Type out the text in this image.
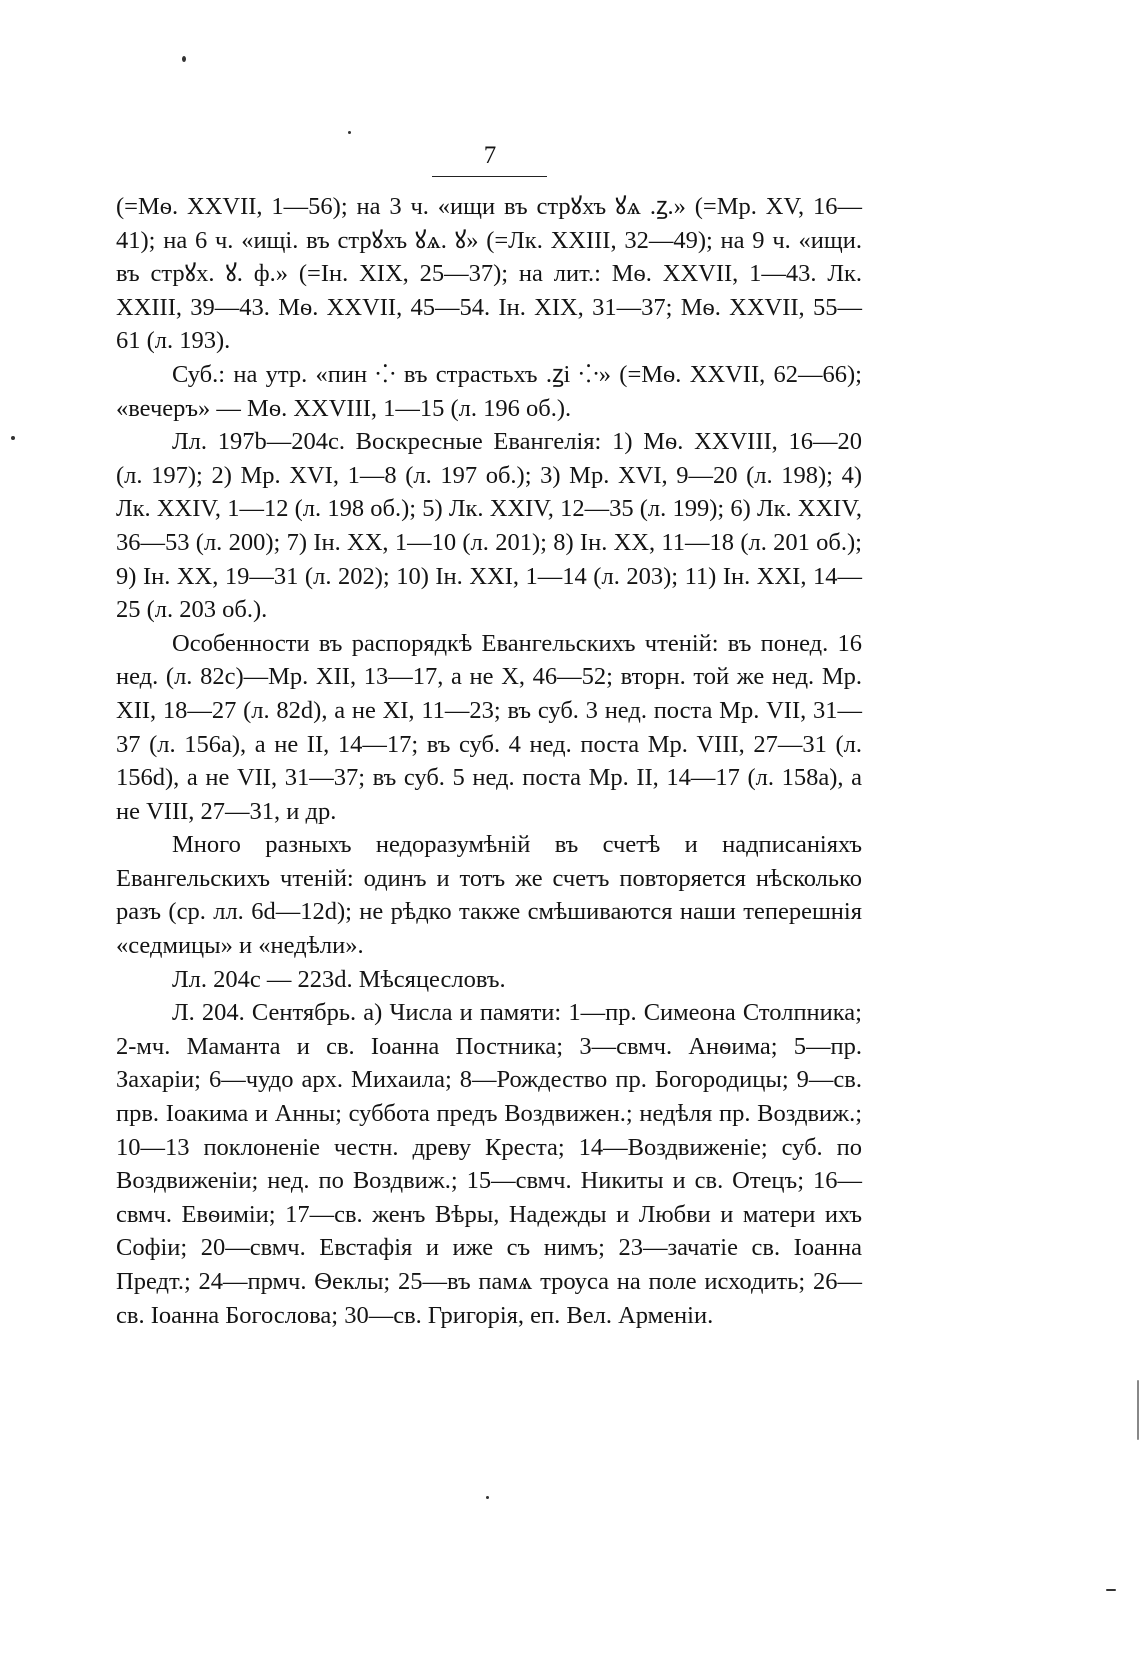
7

(=Мѳ. XXVII, 1—56); на 3 ч. «ищи въ стрꙋхъ ꙋѧ .ꙁ.» (=Мр. XV, 16—41); на 6 ч. «ищі. въ стрꙋхъ ꙋѧ. ꙋ» (=Лк. XXIII, 32—49); на 9 ч. «ищи. въ стрꙋх. ꙋ. ф.» (=Ін. XIX, 25—37); на лит.: Мѳ. XXVII, 1—43. Лк. XXIII, 39—43. Мѳ. XXVII, 45—54. Ін. XIX, 31—37; Мѳ. XXVII, 55—61 (л. 193).

Суб.: на утр. «пин ⁘ въ страстьхъ .ꙁі ⁘» (=Мѳ. XXVII, 62—66); «вечеръ» — Мѳ. XXVIII, 1—15 (л. 196 об.).

Лл. 197b—204c. Воскресные Евангелія: 1) Мѳ. XXVIII, 16—20 (л. 197); 2) Мр. XVI, 1—8 (л. 197 об.); 3) Мр. XVI, 9—20 (л. 198); 4) Лк. XXIV, 1—12 (л. 198 об.); 5) Лк. XXIV, 12—35 (л. 199); 6) Лк. XXIV, 36—53 (л. 200); 7) Ін. XX, 1—10 (л. 201); 8) Ін. XX, 11—18 (л. 201 об.); 9) Ін. XX, 19—31 (л. 202); 10) Ін. XXI, 1—14 (л. 203); 11) Ін. XXI, 14—25 (л. 203 об.).

Особенности въ распорядкѣ Евангельскихъ чтеній: въ понед. 16 нед. (л. 82с)—Мр. XII, 13—17, а не X, 46—52; вторн. той же нед. Мр. XII, 18—27 (л. 82d), а не XI, 11—23; въ суб. 3 нед. поста Мр. VII, 31—37 (л. 156а), а не II, 14—17; въ суб. 4 нед. поста Мр. VIII, 27—31 (л. 156d), а не VII, 31—37; въ суб. 5 нед. поста Мр. II, 14—17 (л. 158а), а не VIII, 27—31, и др.

Много разныхъ недоразумѣній въ счетѣ и надписаніяхъ Евангельскихъ чтеній: одинъ и тотъ же счетъ повторяется нѣсколько разъ (ср. лл. 6d—12d); не рѣдко также смѣшиваются наши теперешнія «седмицы» и «недѣли».

Лл. 204с — 223d. Мѣсяцесловъ.

Л. 204. Сентябрь. а) Числа и памяти: 1—пр. Симеона Столпника; 2-мч. Маманта и св. Іоанна Постника; 3—свмч. Анѳима; 5—пр. Захаріи; 6—чудо арх. Михаила; 8—Рождество пр. Богородицы; 9—св. прв. Іоакима и Анны; суббота предъ Воздвижен.; недѣля пр. Воздвиж.; 10—13 поклоненіе честн. древу Креста; 14—Воздвиженіе; суб. по Воздвиженіи; нед. по Воздвиж.; 15—свмч. Никиты и св. Отецъ; 16—свмч. Евѳиміи; 17—св. женъ Вѣры, Надежды и Любви и матери ихъ Софіи; 20—свмч. Евстафія и иже съ нимъ; 23—зачатіе св. Іоанна Предт.; 24—прмч. Ѳеклы; 25—въ памѧ троуса на поле исходить; 26—св. Іоанна Богослова; 30—св. Григорія, еп. Вел. Арменіи.
